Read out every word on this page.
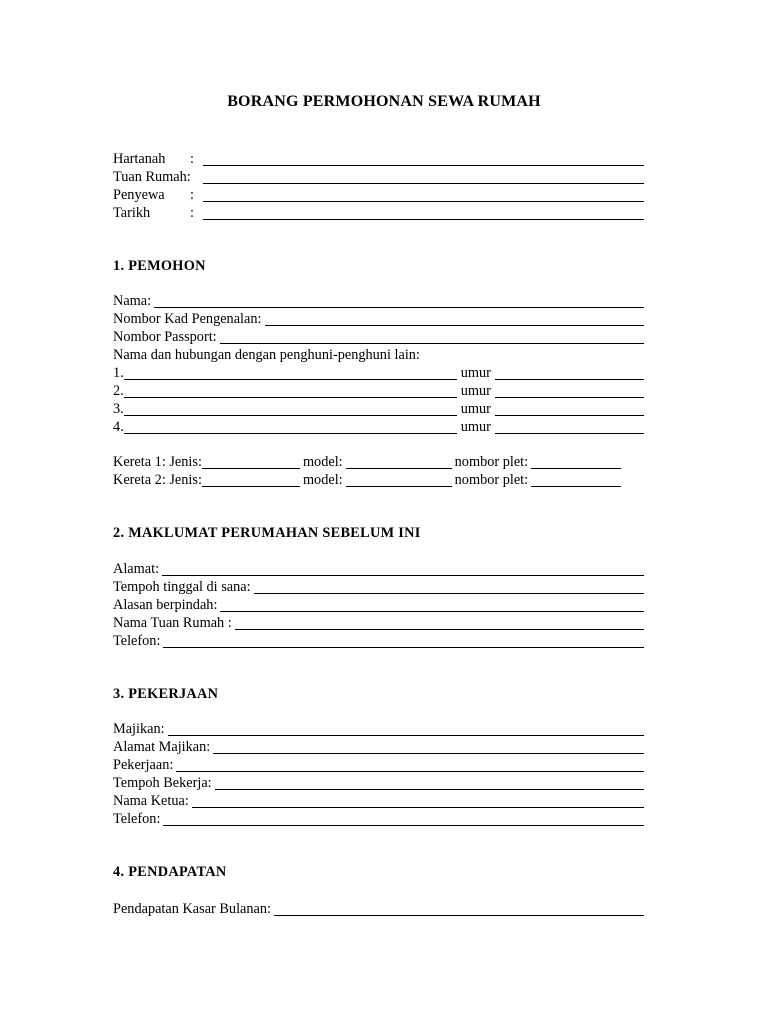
BORANG PERMOHONAN SEWA RUMAH
Hartanah	:
Tuan Rumah:
Penyewa	:
Tarikh	:
1. PEMOHON
Nama:
Nombor Kad Pengenalan:
Nombor Passport:
Nama dan hubungan dengan penghuni-penghuni lain:
1.	umur
2.	umur
3.	umur
4.	umur
Kereta 1: Jenis:	model:	nombor plet:
Kereta 2: Jenis:	model:	nombor plet:
2. MAKLUMAT PERUMAHAN SEBELUM INI
Alamat:
Tempoh tinggal di sana:
Alasan berpindah:
Nama Tuan Rumah :
Telefon:
3. PEKERJAAN
Majikan:
Alamat Majikan:
Pekerjaan:
Tempoh Bekerja:
Nama Ketua:
Telefon:
4. PENDAPATAN
Pendapatan Kasar Bulanan:
